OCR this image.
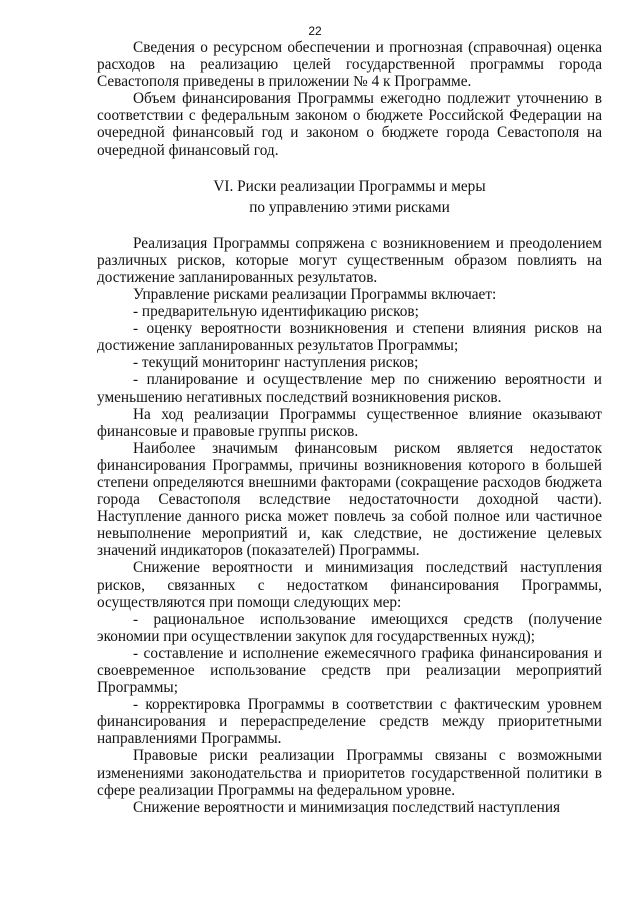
22

Сведения о ресурсном обеспечении и прогнозная (справочная) оценка расходов на реализацию целей государственной программы города Севастополя приведены в приложении № 4 к Программе.

Объем финансирования Программы ежегодно подлежит уточнению в соответствии с федеральным законом о бюджете Российской Федерации на очередной финансовый год и законом о бюджете города Севастополя на очередной финансовый год.

VI. Риски реализации Программы и меры
по управлению этими рисками

Реализация Программы сопряжена с возникновением и преодолением различных рисков, которые могут существенным образом повлиять на достижение запланированных результатов.

Управление рисками реализации Программы включает:

- предварительную идентификацию рисков;

- оценку вероятности возникновения и степени влияния рисков на достижение запланированных результатов Программы;

- текущий мониторинг наступления рисков;

- планирование и осуществление мер по снижению вероятности и уменьшению негативных последствий возникновения рисков.

На ход реализации Программы существенное влияние оказывают финансовые и правовые группы рисков.

Наиболее значимым финансовым риском является недостаток финансирования Программы, причины возникновения которого в большей степени определяются внешними факторами (сокращение расходов бюджета города Севастополя вследствие недостаточности доходной части). Наступление данного риска может повлечь за собой полное или частичное невыполнение мероприятий и, как следствие, не достижение целевых значений индикаторов (показателей) Программы.

Снижение вероятности и минимизация последствий наступления рисков, связанных с недостатком финансирования Программы, осуществляются при помощи следующих мер:

- рациональное использование имеющихся средств (получение экономии при осуществлении закупок для государственных нужд);

- составление и исполнение ежемесячного графика финансирования и своевременное использование средств при реализации мероприятий Программы;

- корректировка Программы в соответствии с фактическим уровнем финансирования и перераспределение средств между приоритетными направлениями Программы.

Правовые риски реализации Программы связаны с возможными изменениями законодательства и приоритетов государственной политики в сфере реализации Программы на федеральном уровне.

Снижение вероятности и минимизация последствий наступления
